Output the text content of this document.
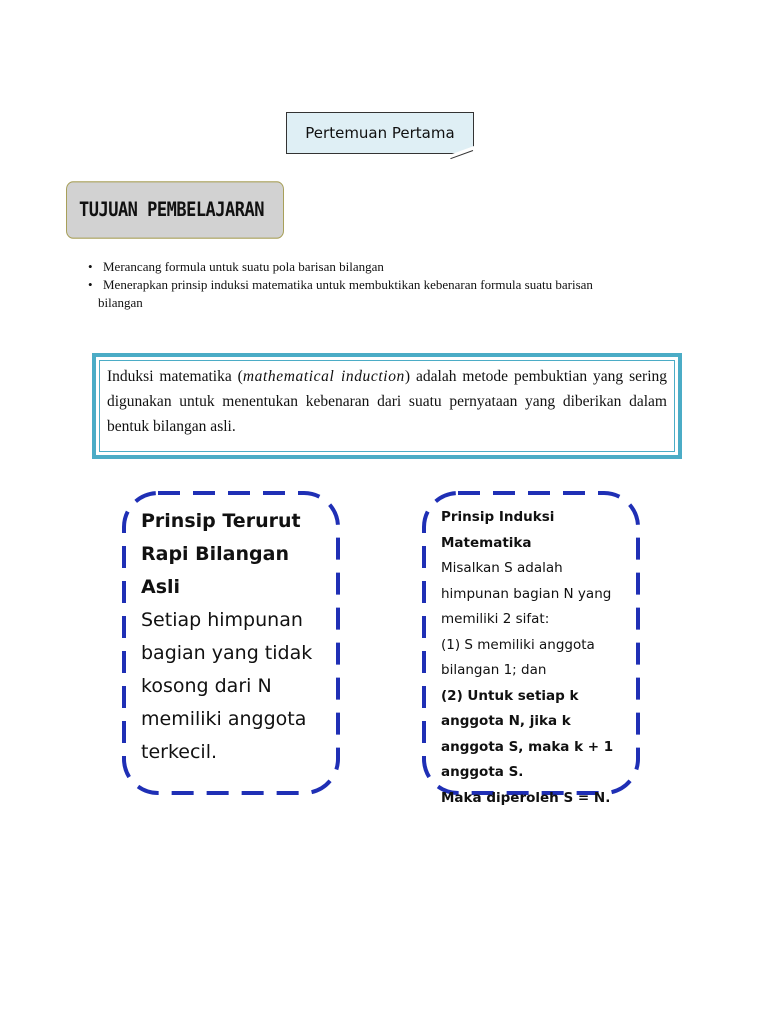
Pertemuan Pertama
TUJUAN PEMBELAJARAN
• Merancang formula untuk suatu pola barisan bilangan
• Menerapkan prinsip induksi matematika untuk membuktikan kebenaran formula suatu barisan
bilangan
Induksi matematika (mathematical induction) adalah metode pembuktian yang sering digunakan untuk menentukan kebenaran dari suatu pernyataan yang diberikan dalam bentuk bilangan asli.
Prinsip Terurut Rapi Bilangan Asli
Setiap himpunan bagian yang tidak kosong dari N memiliki anggota terkecil.
Prinsip Induksi Matematika
Misalkan S adalah himpunan bagian N yang memiliki 2 sifat:
(1) S memiliki anggota bilangan 1; dan
(2) Untuk setiap k anggota N, jika k anggota S, maka k + 1 anggota S.
Maka diperoleh S = N.
